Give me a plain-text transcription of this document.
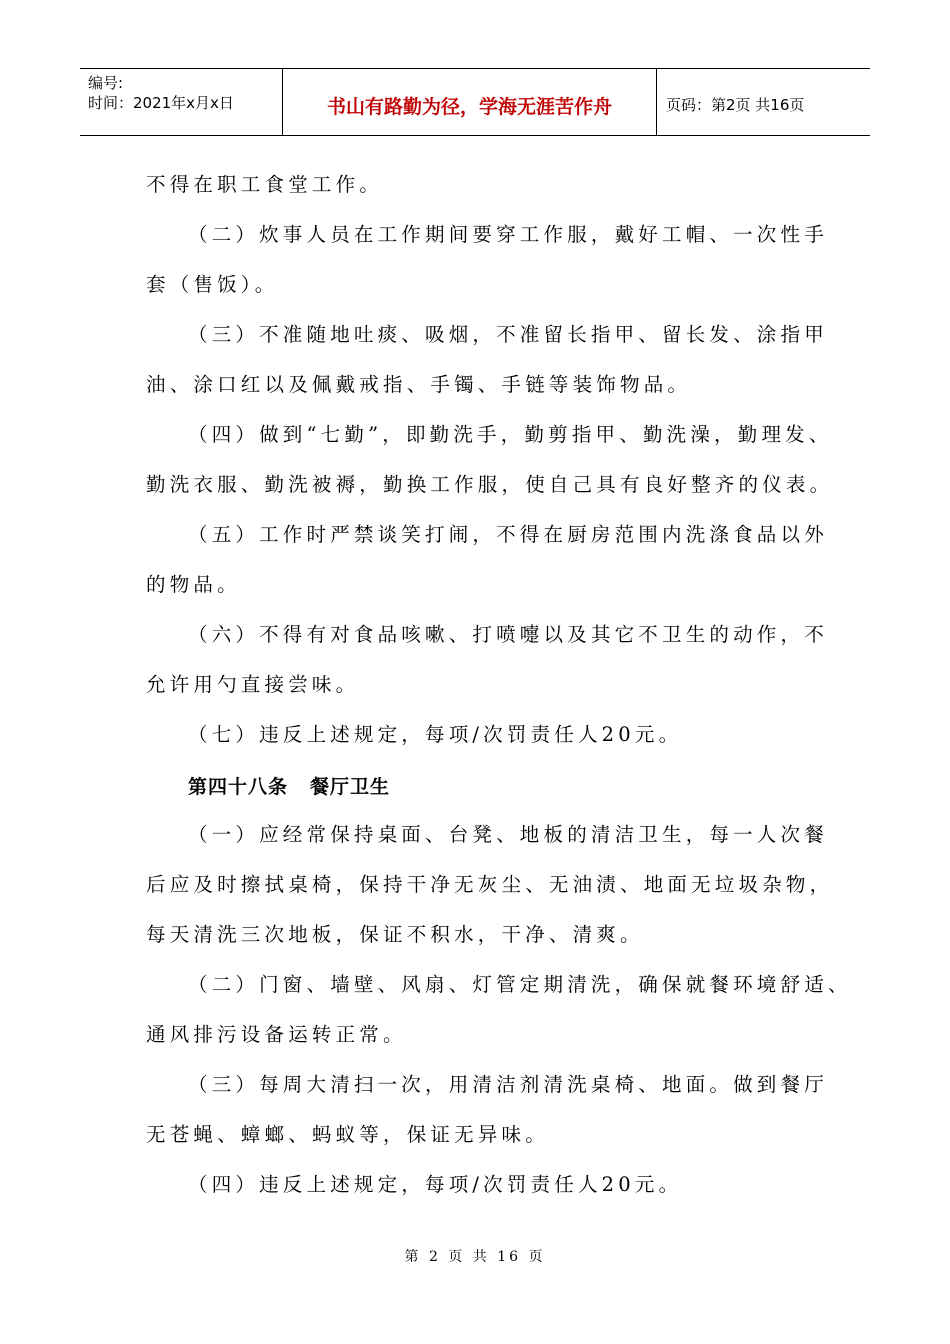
编号:
时间：2021年x月x日	书山有路勤为径，学海无涯苦作舟	页码：第2页 共16页
不得在职工食堂工作。
（二）炊事人员在工作期间要穿工作服，戴好工帽、一次性手
套（售饭）。
（三）不准随地吐痰、吸烟，不准留长指甲、留长发、涂指甲
油、涂口红以及佩戴戒指、手镯、手链等装饰物品。
（四）做到“七勤”，即勤洗手，勤剪指甲、勤洗澡，勤理发、
勤洗衣服、勤洗被褥，勤换工作服，使自己具有良好整齐的仪表。
（五）工作时严禁谈笑打闹，不得在厨房范围内洗涤食品以外
的物品。
（六）不得有对食品咳嗽、打喷嚏以及其它不卫生的动作，不
允许用勺直接尝味。
（七）违反上述规定，每项/次罚责任人20元。
第四十八条 餐厅卫生
（一）应经常保持桌面、台凳、地板的清洁卫生，每一人次餐
后应及时擦拭桌椅，保持干净无灰尘、无油渍、地面无垃圾杂物，
每天清洗三次地板，保证不积水，干净、清爽。
（二）门窗、墙壁、风扇、灯管定期清洗，确保就餐环境舒适、
通风排污设备运转正常。
（三）每周大清扫一次，用清洁剂清洗桌椅、地面。做到餐厅
无苍蝇、蟑螂、蚂蚁等，保证无异味。
（四）违反上述规定，每项/次罚责任人20元。
第 2 页 共 16 页
